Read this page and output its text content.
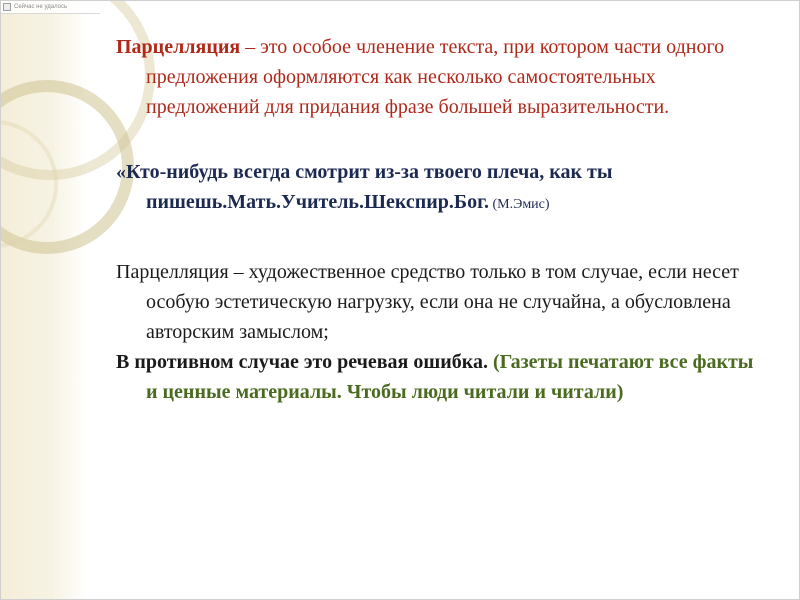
Сейчас не удалось

Парцелляция – это особое членение текста, при котором части одного предложения оформляются как несколько самостоятельных предложений для придания фразе большей выразительности.

«Кто-нибудь всегда смотрит из-за твоего плеча, как ты пишешь.Мать.Учитель.Шекспир.Бог. (М.Эмис)

Парцелляция – художественное средство только в том случае, если несет особую эстетическую нагрузку, если она не случайна, а обусловлена авторским замыслом;

В противном случае это речевая ошибка. (Газеты печатают все факты и ценные материалы. Чтобы люди читали и читали)
